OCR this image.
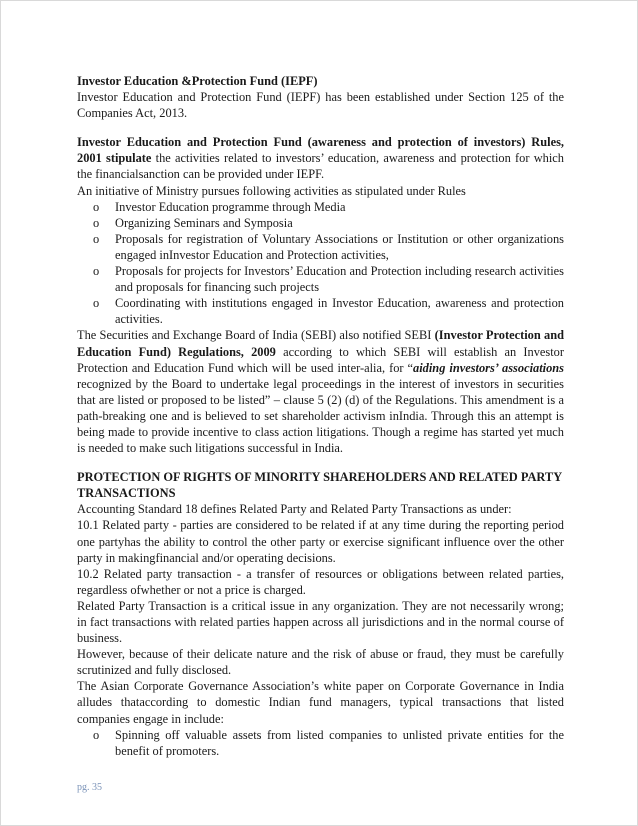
Investor Education &Protection Fund (IEPF)

Investor Education and Protection Fund (IEPF) has been established under Section 125 of the Companies Act, 2013.

Investor Education and Protection Fund (awareness and protection of investors) Rules, 2001 stipulate the activities related to investors’ education, awareness and protection for which the financialsanction can be provided under IEPF.

An initiative of Ministry pursues following activities as stipulated under Rules

o Investor Education programme through Media
o Organizing Seminars and Symposia
o Proposals for registration of Voluntary Associations or Institution or other organizations engaged inInvestor Education and Protection activities,
o Proposals for projects for Investors’ Education and Protection including research activities and proposals for financing such projects
o Coordinating with institutions engaged in Investor Education, awareness and protection activities.

The Securities and Exchange Board of India (SEBI) also notified SEBI (Investor Protection and Education Fund) Regulations, 2009 according to which SEBI will establish an Investor Protection and Education Fund which will be used inter-alia, for “aiding investors’ associations recognized by the Board to undertake legal proceedings in the interest of investors in securities that are listed or proposed to be listed” – clause 5 (2) (d) of the Regulations. This amendment is a path-breaking one and is believed to set shareholder activism inIndia. Through this an attempt is being made to provide incentive to class action litigations. Though a regime has started yet much is needed to make such litigations successful in India.

PROTECTION OF RIGHTS OF MINORITY SHAREHOLDERS AND RELATED PARTY TRANSACTIONS

Accounting Standard 18 defines Related Party and Related Party Transactions as under:

10.1 Related party - parties are considered to be related if at any time during the reporting period one partyhas the ability to control the other party or exercise significant influence over the other party in makingfinancial and/or operating decisions.

10.2 Related party transaction - a transfer of resources or obligations between related parties, regardless ofwhether or not a price is charged.

Related Party Transaction is a critical issue in any organization. They are not necessarily wrong; in fact transactions with related parties happen across all jurisdictions and in the normal course of business.

However, because of their delicate nature and the risk of abuse or fraud, they must be carefully scrutinized and fully disclosed.

The Asian Corporate Governance Association’s white paper on Corporate Governance in India alludes thataccording to domestic Indian fund managers, typical transactions that listed companies engage in include:

o Spinning off valuable assets from listed companies to unlisted private entities for the benefit of promoters.
pg. 35
